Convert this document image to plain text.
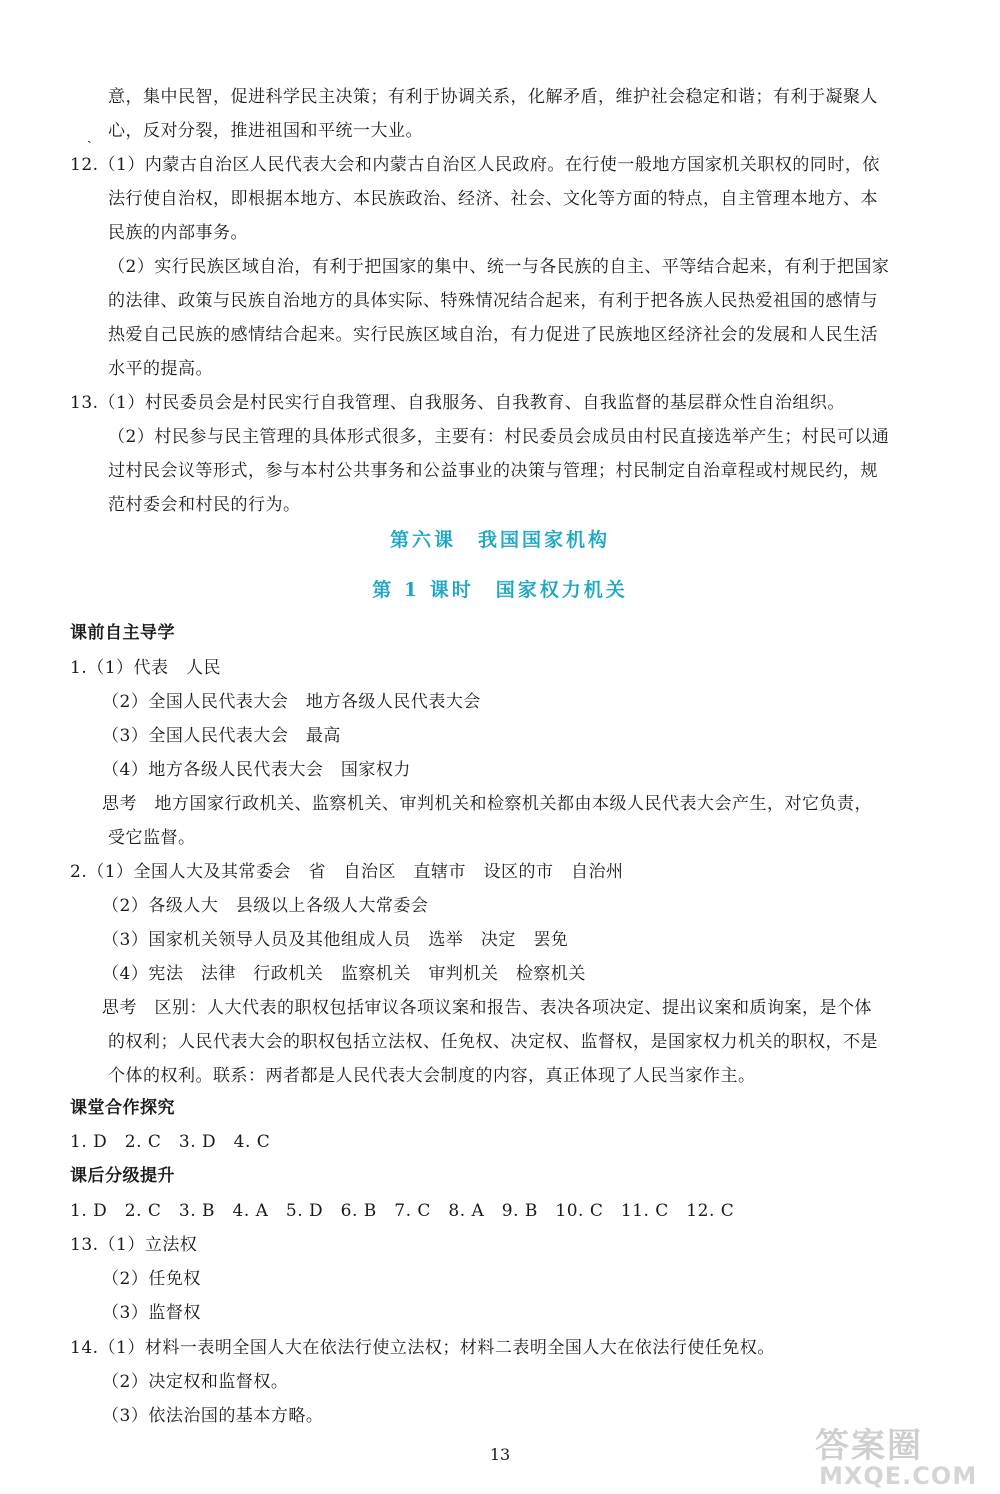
意，集中民智，促进科学民主决策；有利于协调关系，化解矛盾，维护社会稳定和谐；有利于凝聚人
心，反对分裂，推进祖国和平统一大业。
12.（1）内蒙古自治区人民代表大会和内蒙古自治区人民政府。在行使一般地方国家机关职权的同时，依
法行使自治权，即根据本地方、本民族政治、经济、社会、文化等方面的特点，自主管理本地方、本
民族的内部事务。
（2）实行民族区域自治，有利于把国家的集中、统一与各民族的自主、平等结合起来，有利于把国家
的法律、政策与民族自治地方的具体实际、特殊情况结合起来，有利于把各族人民热爱祖国的感情与
热爱自己民族的感情结合起来。实行民族区域自治，有力促进了民族地区经济社会的发展和人民生活
水平的提高。
13.（1）村民委员会是村民实行自我管理、自我服务、自我教育、自我监督的基层群众性自治组织。
（2）村民参与民主管理的具体形式很多，主要有：村民委员会成员由村民直接选举产生；村民可以通
过村民会议等形式，参与本村公共事务和公益事业的决策与管理；村民制定自治章程或村规民约，规
范村委会和村民的行为。
课前自主导学
1.（1）代表　人民
（2）全国人民代表大会　地方各级人民代表大会
（3）全国人民代表大会　最高
（4）地方各级人民代表大会　国家权力
思考　地方国家行政机关、监察机关、审判机关和检察机关都由本级人民代表大会产生，对它负责，
受它监督。
2.（1）全国人大及其常委会　省　自治区　直辖市　设区的市　自治州
（2）各级人大　县级以上各级人大常委会
（3）国家机关领导人员及其他组成人员　选举　决定　罢免
（4）宪法　法律　行政机关　监察机关　审判机关　检察机关
思考　区别：人大代表的职权包括审议各项议案和报告、表决各项决定、提出议案和质询案，是个体
的权利；人民代表大会的职权包括立法权、任免权、决定权、监督权，是国家权力机关的职权，不是
个体的权利。联系：两者都是人民代表大会制度的内容，真正体现了人民当家作主。
课堂合作探究
1. D　2. C　3. D　4. C
课后分级提升
1. D　2. C　3. B　4. A　5. D　6. B　7. C　8. A　9. B　10. C　11. C　12. C
13.（1）立法权
（2）任免权
（3）监督权
14.（1）材料一表明全国人大在依法行使立法权；材料二表明全国人大在依法行使任免权。
（2）决定权和监督权。
（3）依法治国的基本方略。
第六课　我国国家机构
第 1 课时　国家权力机关
ˏ
13	答案圈
MXQE.COM
